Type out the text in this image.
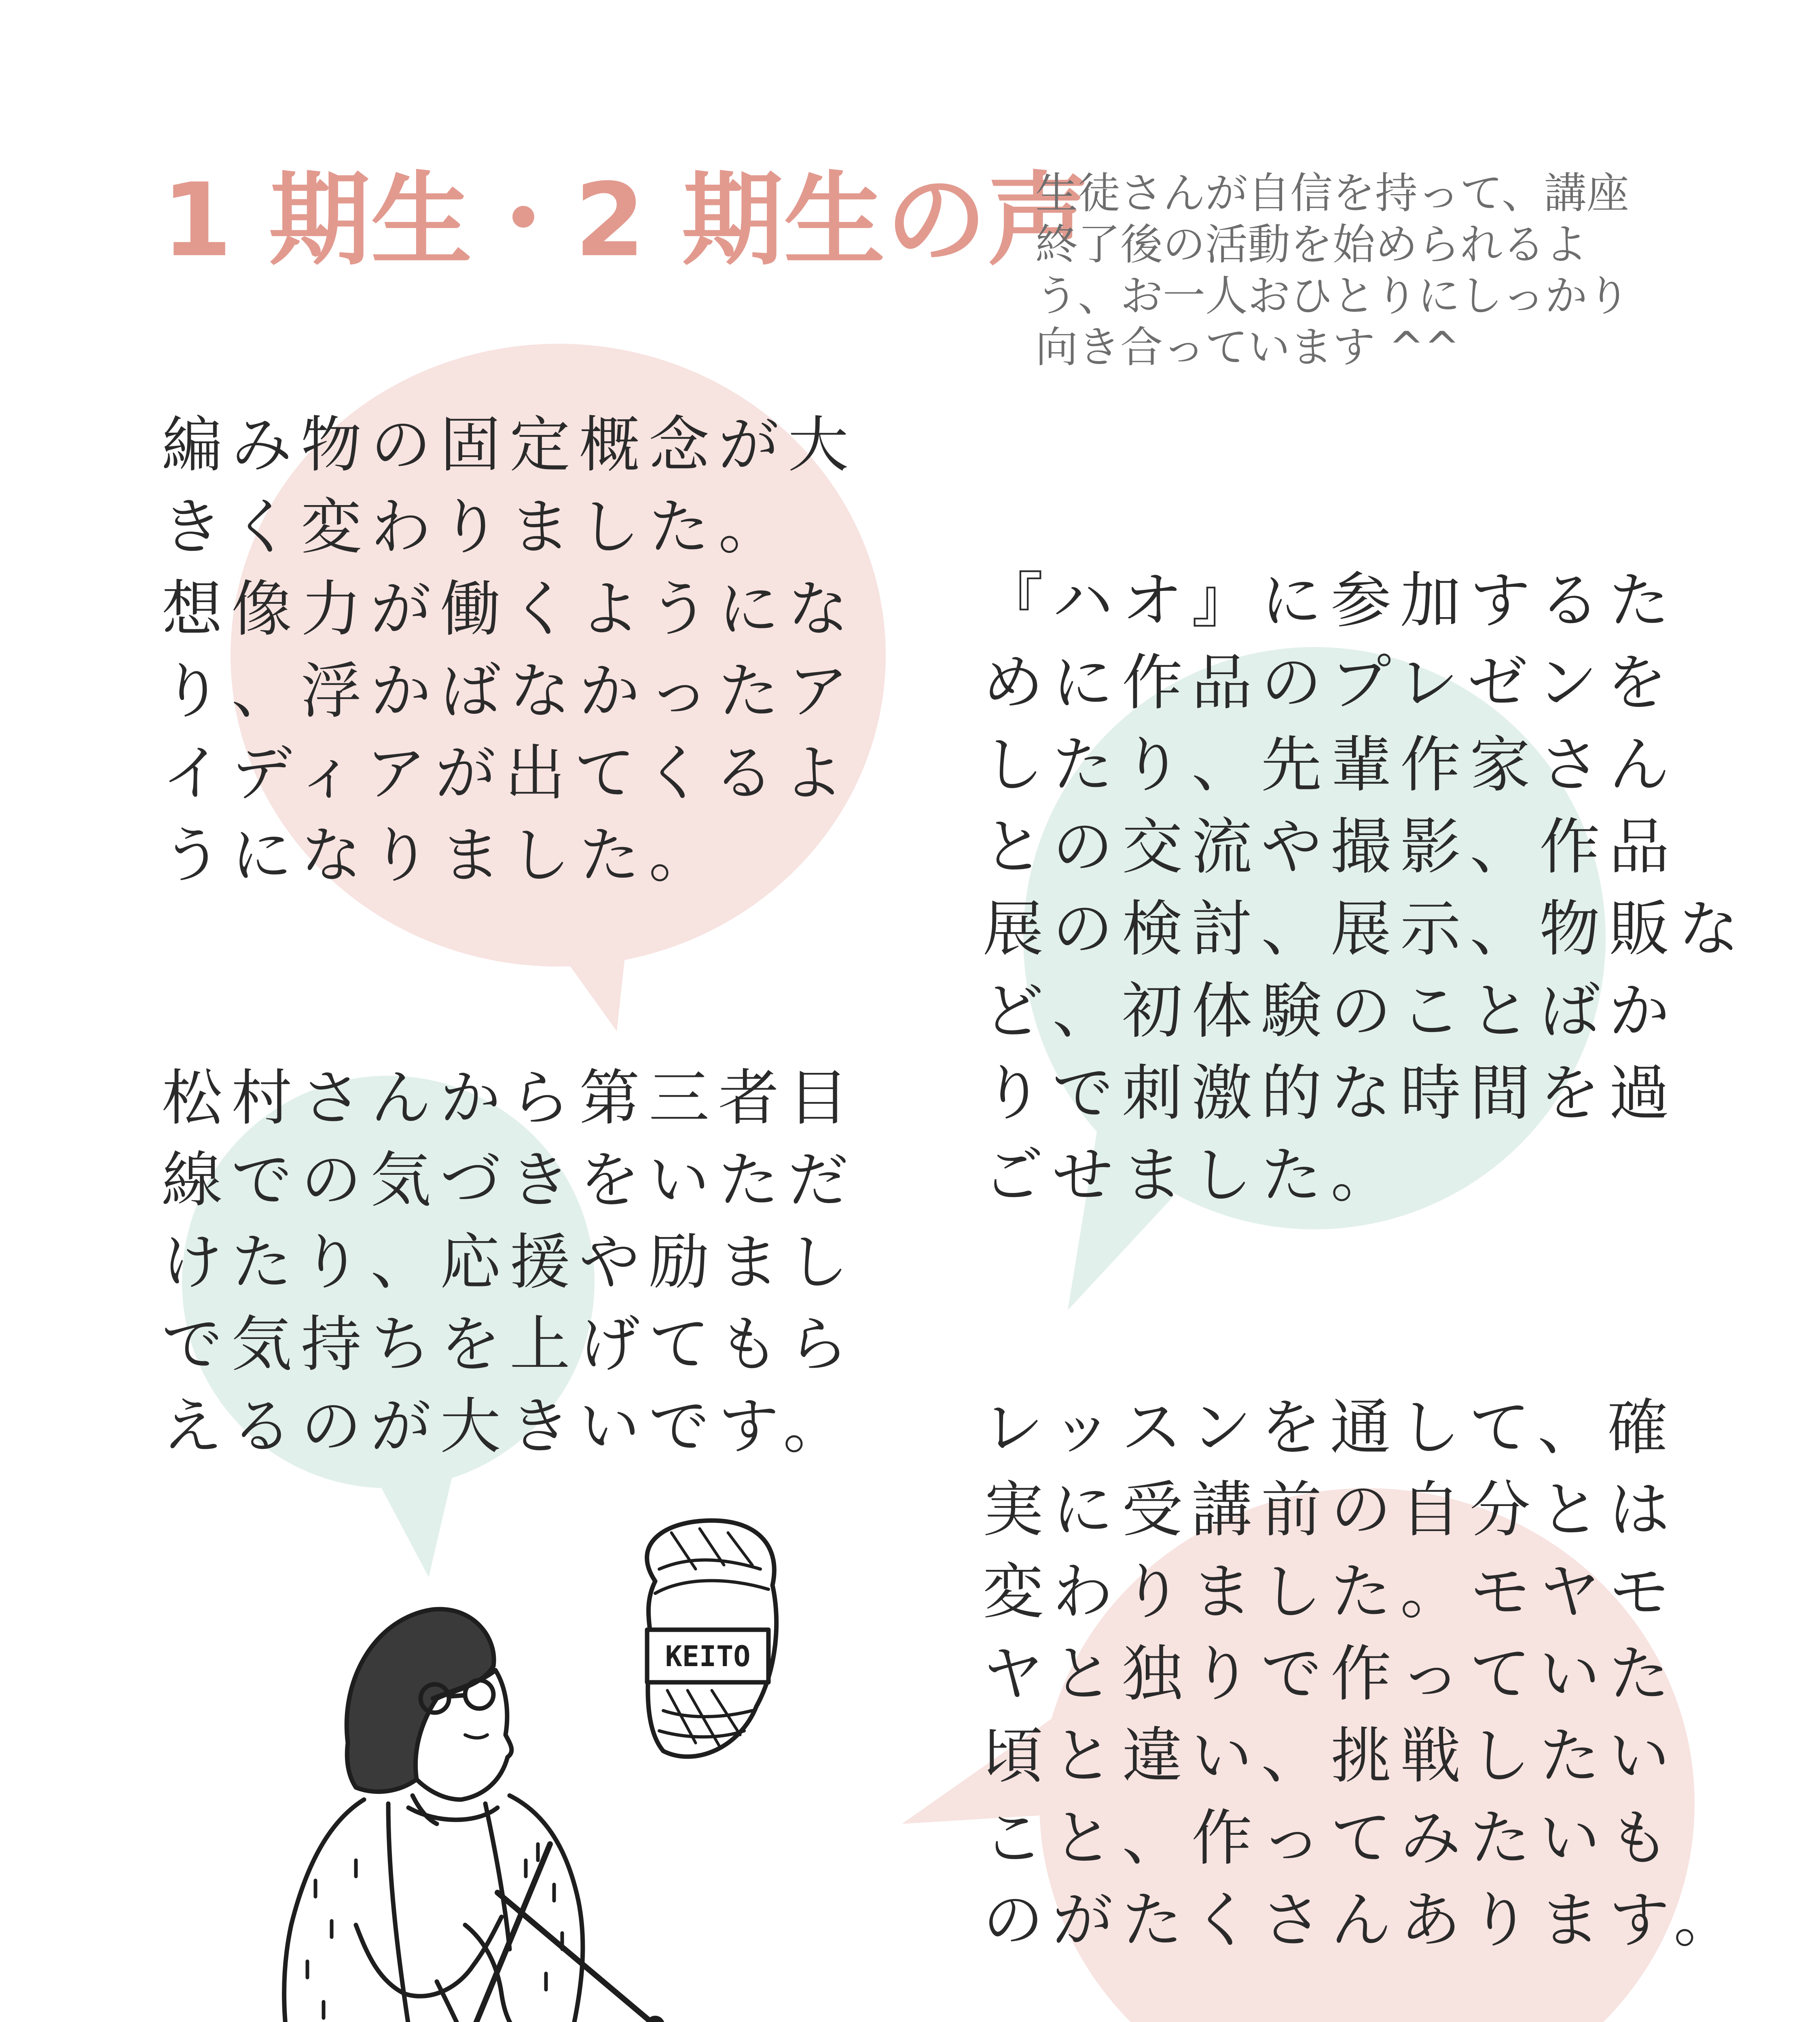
1 期生・2 期生の声
生徒さんが自信を持って、講座
終了後の活動を始められるよ
う、お一人おひとりにしっかり
向き合っています ^^
編み物の固定概念が大
きく変わりました。
想像力が働くようにな
り、浮かばなかったア
イディアが出てくるよ
うになりました。
松村さんから第三者目
線での気づきをいただ
けたり、応援や励まし
で気持ちを上げてもら
えるのが大きいです。
『ハオ』に参加するた
めに作品のプレゼンを
したり、先輩作家さん
との交流や撮影、作品
展の検討、展示、物販な
ど、初体験のことばか
りで刺激的な時間を過
ごせました。
レッスンを通して、確
実に受講前の自分とは
変わりました。モヤモ
ヤと独りで作っていた
頃と違い、挑戦したい
こと、作ってみたいも
のがたくさんあります。
KEITO
